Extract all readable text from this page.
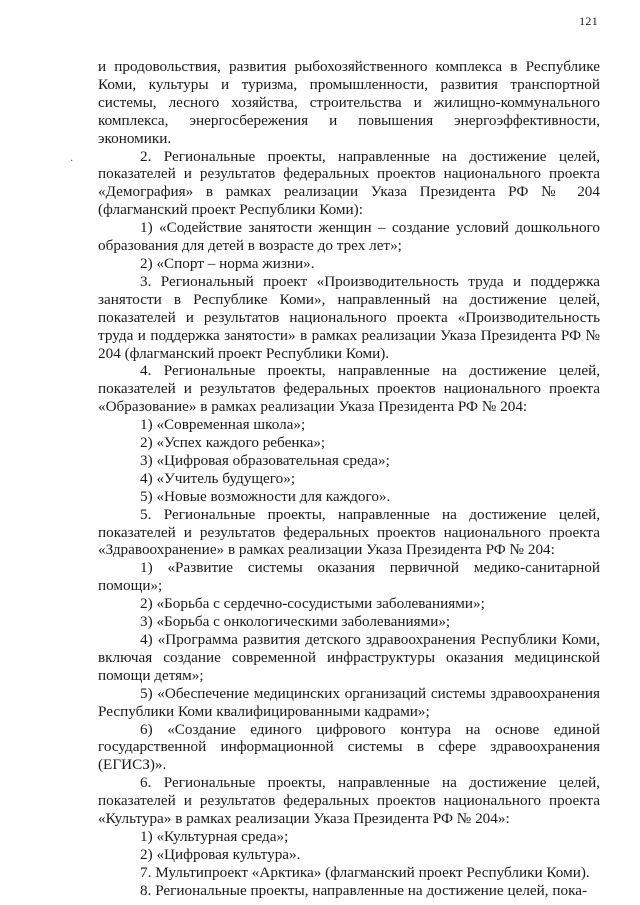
121
·

и продовольствия, развития рыбохозяйственного комплекса в Республике Коми, культуры и туризма, промышленности, развития транспортной системы, лесного хозяйства, строительства и жилищно-коммунального комплекса, энергосбережения и повышения энергоэффективности, экономики.

2. Региональные проекты, направленные на достижение целей, показателей и результатов федеральных проектов национального проекта «Демография» в рамках реализации Указа Президента РФ № 204 (флагманский проект Республики Коми):

1) «Содействие занятости женщин – создание условий дошкольного образования для детей в возрасте до трех лет»;

2) «Спорт – норма жизни».

3. Региональный проект «Производительность труда и поддержка занятости в Республике Коми», направленный на достижение целей, показателей и результатов национального проекта «Производительность труда и поддержка занятости» в рамках реализации Указа Президента РФ № 204 (флагманский проект Республики Коми).

4. Региональные проекты, направленные на достижение целей, показателей и результатов федеральных проектов национального проекта «Образование» в рамках реализации Указа Президента РФ № 204:

1) «Современная школа»;

2) «Успех каждого ребенка»;

3) «Цифровая образовательная среда»;

4) «Учитель будущего»;

5) «Новые возможности для каждого».

5. Региональные проекты, направленные на достижение целей, показателей и результатов федеральных проектов национального проекта «Здравоохранение» в рамках реализации Указа Президента РФ № 204:

1) «Развитие системы оказания первичной медико-санитарной помощи»;

2) «Борьба с сердечно-сосудистыми заболеваниями»;

3) «Борьба с онкологическими заболеваниями»;

4) «Программа развития детского здравоохранения Республики Коми, включая создание современной инфраструктуры оказания медицинской помощи детям»;

5) «Обеспечение медицинских организаций системы здравоохранения Республики Коми квалифицированными кадрами»;

6) «Создание единого цифрового контура на основе единой государственной информационной системы в сфере здравоохранения (ЕГИСЗ)».

6. Региональные проекты, направленные на достижение целей, показателей и результатов федеральных проектов национального проекта «Культура» в рамках реализации Указа Президента РФ № 204»:

1) «Культурная среда»;

2) «Цифровая культура».

7. Мультипроект «Арктика» (флагманский проект Республики Коми).

8. Региональные проекты, направленные на достижение целей, пока-
